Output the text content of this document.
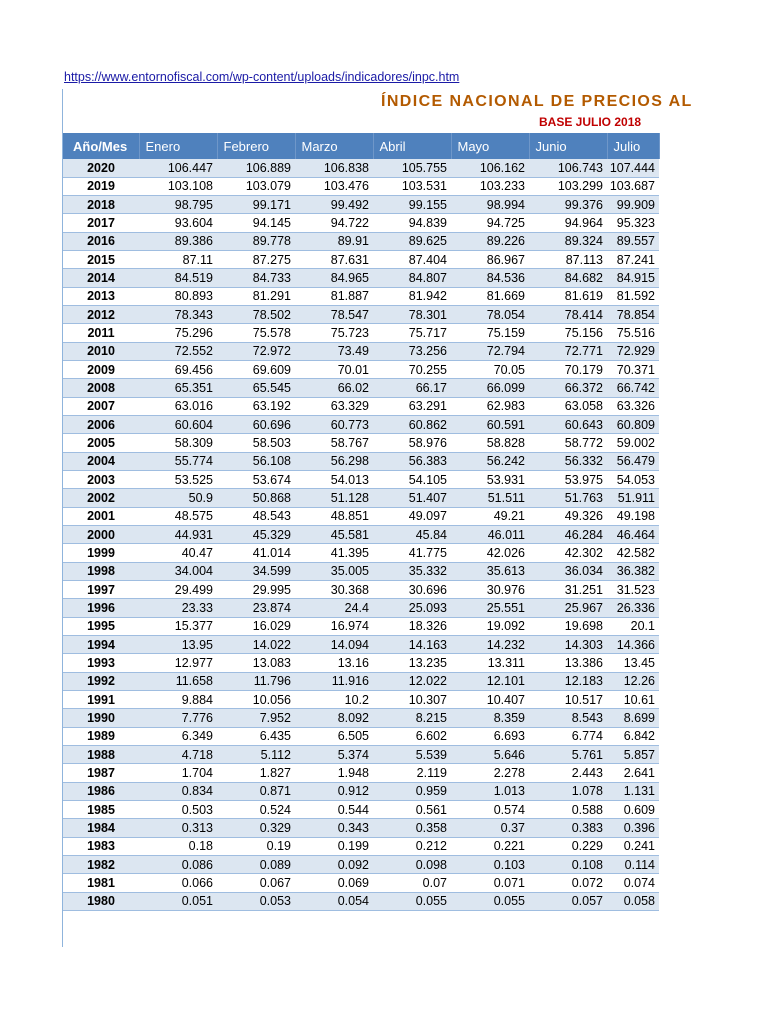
https://www.entornofiscal.com/wp-content/uploads/indicadores/inpc.htm
ÍNDICE NACIONAL DE PRECIOS AL
BASE JULIO 2018
Año/Mes	Enero	Febrero	Marzo	Abril	Mayo	Junio	Julio
2020	106.447	106.889	106.838	105.755	106.162	106.743	107.444
2019	103.108	103.079	103.476	103.531	103.233	103.299	103.687
2018	98.795	99.171	99.492	99.155	98.994	99.376	99.909
2017	93.604	94.145	94.722	94.839	94.725	94.964	95.323
2016	89.386	89.778	89.91	89.625	89.226	89.324	89.557
2015	87.11	87.275	87.631	87.404	86.967	87.113	87.241
2014	84.519	84.733	84.965	84.807	84.536	84.682	84.915
2013	80.893	81.291	81.887	81.942	81.669	81.619	81.592
2012	78.343	78.502	78.547	78.301	78.054	78.414	78.854
2011	75.296	75.578	75.723	75.717	75.159	75.156	75.516
2010	72.552	72.972	73.49	73.256	72.794	72.771	72.929
2009	69.456	69.609	70.01	70.255	70.05	70.179	70.371
2008	65.351	65.545	66.02	66.17	66.099	66.372	66.742
2007	63.016	63.192	63.329	63.291	62.983	63.058	63.326
2006	60.604	60.696	60.773	60.862	60.591	60.643	60.809
2005	58.309	58.503	58.767	58.976	58.828	58.772	59.002
2004	55.774	56.108	56.298	56.383	56.242	56.332	56.479
2003	53.525	53.674	54.013	54.105	53.931	53.975	54.053
2002	50.9	50.868	51.128	51.407	51.511	51.763	51.911
2001	48.575	48.543	48.851	49.097	49.21	49.326	49.198
2000	44.931	45.329	45.581	45.84	46.011	46.284	46.464
1999	40.47	41.014	41.395	41.775	42.026	42.302	42.582
1998	34.004	34.599	35.005	35.332	35.613	36.034	36.382
1997	29.499	29.995	30.368	30.696	30.976	31.251	31.523
1996	23.33	23.874	24.4	25.093	25.551	25.967	26.336
1995	15.377	16.029	16.974	18.326	19.092	19.698	20.1
1994	13.95	14.022	14.094	14.163	14.232	14.303	14.366
1993	12.977	13.083	13.16	13.235	13.311	13.386	13.45
1992	11.658	11.796	11.916	12.022	12.101	12.183	12.26
1991	9.884	10.056	10.2	10.307	10.407	10.517	10.61
1990	7.776	7.952	8.092	8.215	8.359	8.543	8.699
1989	6.349	6.435	6.505	6.602	6.693	6.774	6.842
1988	4.718	5.112	5.374	5.539	5.646	5.761	5.857
1987	1.704	1.827	1.948	2.119	2.278	2.443	2.641
1986	0.834	0.871	0.912	0.959	1.013	1.078	1.131
1985	0.503	0.524	0.544	0.561	0.574	0.588	0.609
1984	0.313	0.329	0.343	0.358	0.37	0.383	0.396
1983	0.18	0.19	0.199	0.212	0.221	0.229	0.241
1982	0.086	0.089	0.092	0.098	0.103	0.108	0.114
1981	0.066	0.067	0.069	0.07	0.071	0.072	0.074
1980	0.051	0.053	0.054	0.055	0.055	0.057	0.058
